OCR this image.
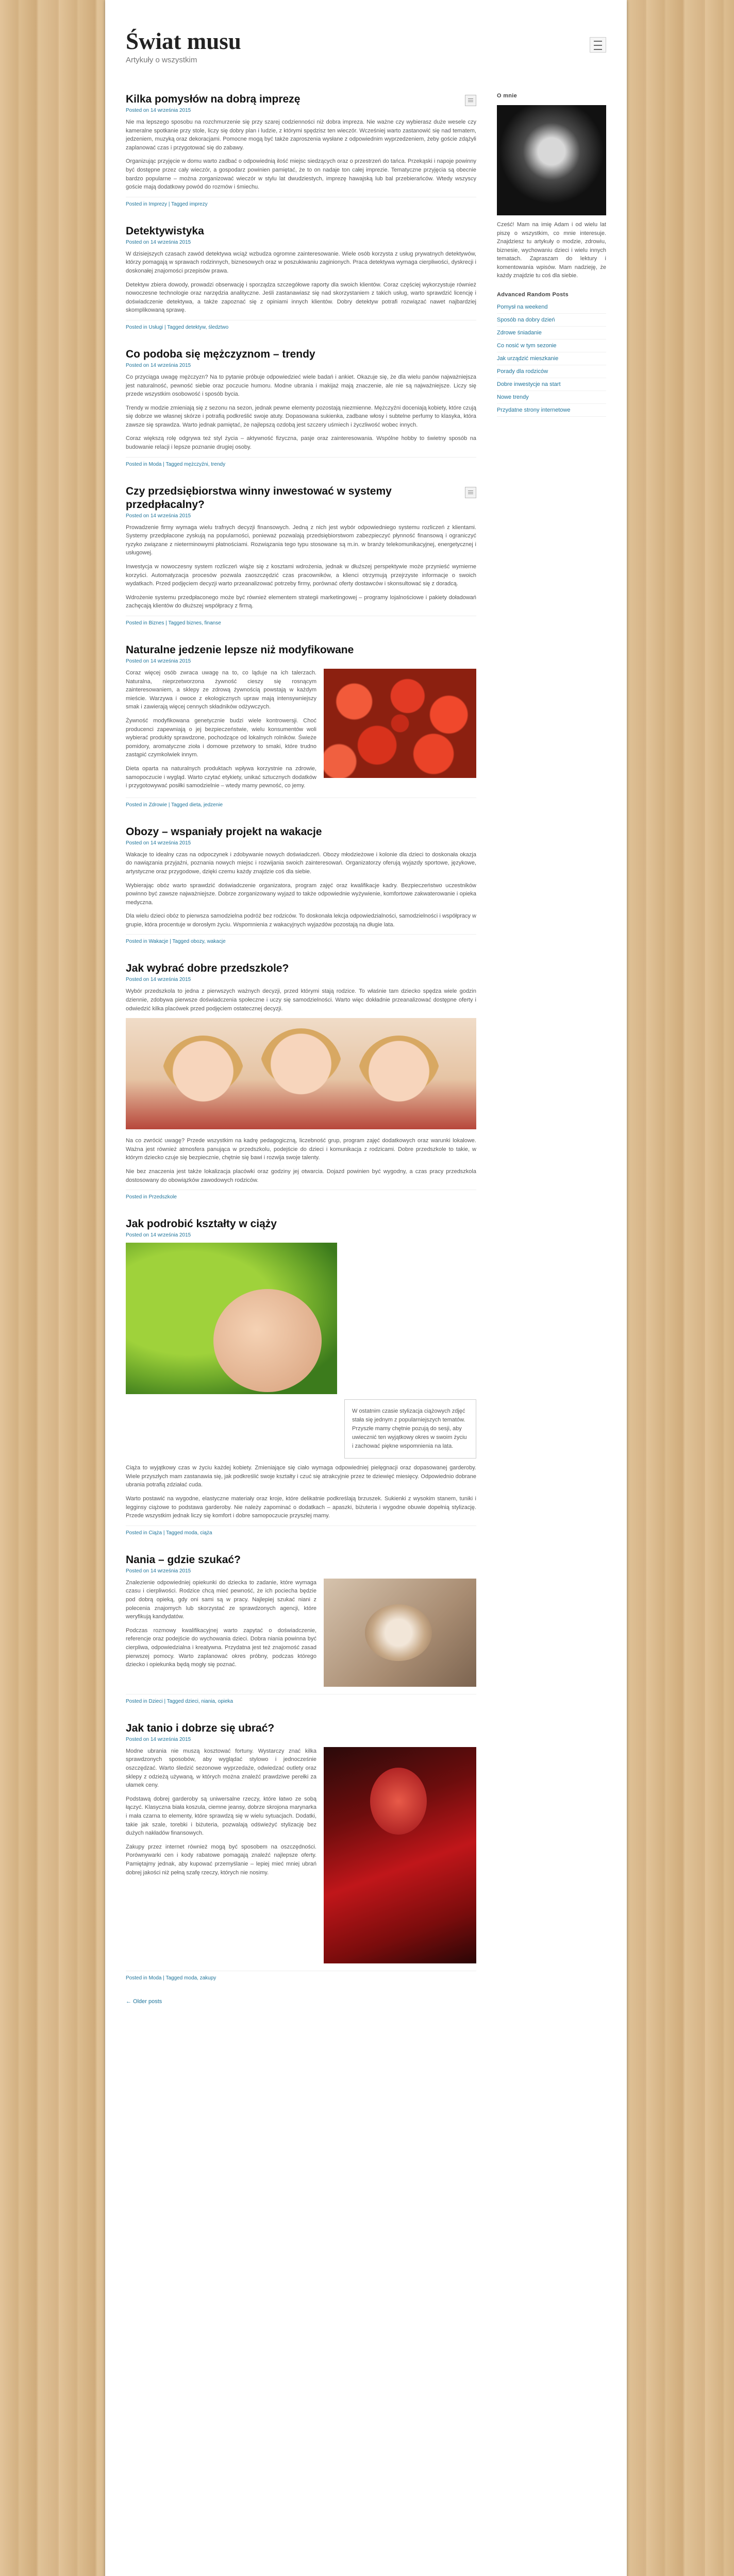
Świat musu
Artykuły o wszystkim
Kilka pomysłów na dobrą imprezę
Posted on 14 września 2015

Nie ma lepszego sposobu na rozchmurzenie się przy szarej codzienności niż dobra impreza. Nie ważne czy wybierasz duże wesele czy kameralne spotkanie przy stole, liczy się dobry plan i ludzie, z którymi spędzisz ten wieczór. Wcześniej warto zastanowić się nad tematem, jedzeniem, muzyką oraz dekoracjami. Pomocne mogą być także zaproszenia wysłane z odpowiednim wyprzedzeniem, żeby goście zdążyli zaplanować czas i przygotować się do zabawy.

Organizując przyjęcie w domu warto zadbać o odpowiednią ilość miejsc siedzących oraz o przestrzeń do tańca. Przekąski i napoje powinny być dostępne przez cały wieczór, a gospodarz powinien pamiętać, że to on nadaje ton całej imprezie. Tematyczne przyjęcia są obecnie bardzo popularne – można zorganizować wieczór w stylu lat dwudziestych, imprezę hawajską lub bal przebierańców. Wtedy wszyscy goście mają dodatkowy powód do rozmów i śmiechu.

Posted in Imprezy | Tagged imprezy
Detektywistyka
Posted on 14 września 2015

W dzisiejszych czasach zawód detektywa wciąż wzbudza ogromne zainteresowanie. Wiele osób korzysta z usług prywatnych detektywów, którzy pomagają w sprawach rodzinnych, biznesowych oraz w poszukiwaniu zaginionych. Praca detektywa wymaga cierpliwości, dyskrecji i doskonałej znajomości przepisów prawa.

Detektyw zbiera dowody, prowadzi obserwację i sporządza szczegółowe raporty dla swoich klientów. Coraz częściej wykorzystuje również nowoczesne technologie oraz narzędzia analityczne. Jeśli zastanawiasz się nad skorzystaniem z takich usług, warto sprawdzić licencję i doświadczenie detektywa, a także zapoznać się z opiniami innych klientów. Dobry detektyw potrafi rozwiązać nawet najbardziej skomplikowaną sprawę.

Posted in Usługi | Tagged detektyw, śledztwo
Co podoba się mężczyznom – trendy
Posted on 14 września 2015

Co przyciąga uwagę mężczyzn? Na to pytanie próbuje odpowiedzieć wiele badań i ankiet. Okazuje się, że dla wielu panów najważniejsza jest naturalność, pewność siebie oraz poczucie humoru. Modne ubrania i makijaż mają znaczenie, ale nie są najważniejsze. Liczy się przede wszystkim osobowość i sposób bycia.

Trendy w modzie zmieniają się z sezonu na sezon, jednak pewne elementy pozostają niezmienne. Mężczyźni doceniają kobiety, które czują się dobrze we własnej skórze i potrafią podkreślić swoje atuty. Dopasowana sukienka, zadbane włosy i subtelne perfumy to klasyka, która zawsze się sprawdza. Warto jednak pamiętać, że najlepszą ozdobą jest szczery uśmiech i życzliwość wobec innych.

Coraz większą rolę odgrywa też styl życia – aktywność fizyczna, pasje oraz zainteresowania. Wspólne hobby to świetny sposób na budowanie relacji i lepsze poznanie drugiej osoby.

Posted in Moda | Tagged mężczyźni, trendy
Czy przedsiębiorstwa winny inwestować w systemy przedpłacalny?
Posted on 14 września 2015

Prowadzenie firmy wymaga wielu trafnych decyzji finansowych. Jedną z nich jest wybór odpowiedniego systemu rozliczeń z klientami. Systemy przedpłacone zyskują na popularności, ponieważ pozwalają przedsiębiorstwom zabezpieczyć płynność finansową i ograniczyć ryzyko związane z nieterminowymi płatnościami. Rozwiązania tego typu stosowane są m.in. w branży telekomunikacyjnej, energetycznej i usługowej.

Inwestycja w nowoczesny system rozliczeń wiąże się z kosztami wdrożenia, jednak w dłuższej perspektywie może przynieść wymierne korzyści. Automatyzacja procesów pozwala zaoszczędzić czas pracowników, a klienci otrzymują przejrzyste informacje o swoich wydatkach. Przed podjęciem decyzji warto przeanalizować potrzeby firmy, porównać oferty dostawców i skonsultować się z doradcą.

Wdrożenie systemu przedpłaconego może być również elementem strategii marketingowej – programy lojalnościowe i pakiety doładowań zachęcają klientów do dłuższej współpracy z firmą.

Posted in Biznes | Tagged biznes, finanse
Naturalne jedzenie lepsze niż modyfikowane
Posted on 14 września 2015

Coraz więcej osób zwraca uwagę na to, co ląduje na ich talerzach. Naturalna, nieprzetworzona żywność cieszy się rosnącym zainteresowaniem, a sklepy ze zdrową żywnością powstają w każdym mieście. Warzywa i owoce z ekologicznych upraw mają intensywniejszy smak i zawierają więcej cennych składników odżywczych.

Żywność modyfikowana genetycznie budzi wiele kontrowersji. Choć producenci zapewniają o jej bezpieczeństwie, wielu konsumentów woli wybierać produkty sprawdzone, pochodzące od lokalnych rolników. Świeże pomidory, aromatyczne zioła i domowe przetwory to smaki, które trudno zastąpić czymkolwiek innym.

Dieta oparta na naturalnych produktach wpływa korzystnie na zdrowie, samopoczucie i wygląd. Warto czytać etykiety, unikać sztucznych dodatków i przygotowywać posiłki samodzielnie – wtedy mamy pewność, co jemy.

Posted in Zdrowie | Tagged dieta, jedzenie
Obozy – wspaniały projekt na wakacje
Posted on 14 września 2015

Wakacje to idealny czas na odpoczynek i zdobywanie nowych doświadczeń. Obozy młodzieżowe i kolonie dla dzieci to doskonała okazja do nawiązania przyjaźni, poznania nowych miejsc i rozwijania swoich zainteresowań. Organizatorzy oferują wyjazdy sportowe, językowe, artystyczne oraz przygodowe, dzięki czemu każdy znajdzie coś dla siebie.

Wybierając obóz warto sprawdzić doświadczenie organizatora, program zajęć oraz kwalifikacje kadry. Bezpieczeństwo uczestników powinno być zawsze najważniejsze. Dobrze zorganizowany wyjazd to także odpowiednie wyżywienie, komfortowe zakwaterowanie i opieka medyczna.

Dla wielu dzieci obóz to pierwsza samodzielna podróż bez rodziców. To doskonała lekcja odpowiedzialności, samodzielności i współpracy w grupie, która procentuje w dorosłym życiu. Wspomnienia z wakacyjnych wyjazdów pozostają na długie lata.

Posted in Wakacje | Tagged obozy, wakacje
Jak wybrać dobre przedszkole?
Posted on 14 września 2015

Wybór przedszkola to jedna z pierwszych ważnych decyzji, przed którymi stają rodzice. To właśnie tam dziecko spędza wiele godzin dziennie, zdobywa pierwsze doświadczenia społeczne i uczy się samodzielności. Warto więc dokładnie przeanalizować dostępne oferty i odwiedzić kilka placówek przed podjęciem ostatecznej decyzji.

Na co zwrócić uwagę? Przede wszystkim na kadrę pedagogiczną, liczebność grup, program zajęć dodatkowych oraz warunki lokalowe. Ważna jest również atmosfera panująca w przedszkolu, podejście do dzieci i komunikacja z rodzicami. Dobre przedszkole to takie, w którym dziecko czuje się bezpiecznie, chętnie się bawi i rozwija swoje talenty.

Nie bez znaczenia jest także lokalizacja placówki oraz godziny jej otwarcia. Dojazd powinien być wygodny, a czas pracy przedszkola dostosowany do obowiązków zawodowych rodziców.

Posted in Przedszkole
Jak podrobić kształty w ciąży
Posted on 14 września 2015
W ostatnim czasie stylizacja ciążowych zdjęć stała się jednym z popularniejszych tematów. Przyszłe mamy chętnie pozują do sesji, aby uwiecznić ten wyjątkowy okres w swoim życiu i zachować piękne wspomnienia na lata.

Ciąża to wyjątkowy czas w życiu każdej kobiety. Zmieniające się ciało wymaga odpowiedniej pielęgnacji oraz dopasowanej garderoby. Wiele przyszłych mam zastanawia się, jak podkreślić swoje kształty i czuć się atrakcyjnie przez te dziewięć miesięcy. Odpowiednio dobrane ubrania potrafią zdziałać cuda.

Warto postawić na wygodne, elastyczne materiały oraz kroje, które delikatnie podkreślają brzuszek. Sukienki z wysokim stanem, tuniki i legginsy ciążowe to podstawa garderoby. Nie należy zapominać o dodatkach – apaszki, biżuteria i wygodne obuwie dopełnią stylizację. Przede wszystkim jednak liczy się komfort i dobre samopoczucie przyszłej mamy.

Posted in Ciąża | Tagged moda, ciąża
Nania – gdzie szukać?
Posted on 14 września 2015

Znalezienie odpowiedniej opiekunki do dziecka to zadanie, które wymaga czasu i cierpliwości. Rodzice chcą mieć pewność, że ich pociecha będzie pod dobrą opieką, gdy oni sami są w pracy. Najlepiej szukać niani z polecenia znajomych lub skorzystać ze sprawdzonych agencji, które weryfikują kandydatów.

Podczas rozmowy kwalifikacyjnej warto zapytać o doświadczenie, referencje oraz podejście do wychowania dzieci. Dobra niania powinna być cierpliwa, odpowiedzialna i kreatywna. Przydatna jest też znajomość zasad pierwszej pomocy. Warto zaplanować okres próbny, podczas którego dziecko i opiekunka będą mogły się poznać.

Posted in Dzieci | Tagged dzieci, niania, opieka
Jak tanio i dobrze się ubrać?
Posted on 14 września 2015

Modne ubrania nie muszą kosztować fortuny. Wystarczy znać kilka sprawdzonych sposobów, aby wyglądać stylowo i jednocześnie oszczędzać. Warto śledzić sezonowe wyprzedaże, odwiedzać outlety oraz sklepy z odzieżą używaną, w których można znaleźć prawdziwe perełki za ułamek ceny.

Podstawą dobrej garderoby są uniwersalne rzeczy, które łatwo ze sobą łączyć. Klasyczna biała koszula, ciemne jeansy, dobrze skrojona marynarka i mała czarna to elementy, które sprawdzą się w wielu sytuacjach. Dodatki, takie jak szale, torebki i biżuteria, pozwalają odświeżyć stylizację bez dużych nakładów finansowych.

Zakupy przez internet również mogą być sposobem na oszczędności. Porównywarki cen i kody rabatowe pomagają znaleźć najlepsze oferty. Pamiętajmy jednak, aby kupować przemyślanie – lepiej mieć mniej ubrań dobrej jakości niż pełną szafę rzeczy, których nie nosimy.

Posted in Moda | Tagged moda, zakupy
← Older posts
O mnie

Cześć! Mam na imię Adam i od wielu lat piszę o wszystkim, co mnie interesuje. Znajdziesz tu artykuły o modzie, zdrowiu, biznesie, wychowaniu dzieci i wielu innych tematach. Zapraszam do lektury i komentowania wpisów. Mam nadzieję, że każdy znajdzie tu coś dla siebie.

Advanced Random Posts
Pomysł na weekend
Sposób na dobry dzień
Zdrowe śniadanie
Co nosić w tym sezonie
Jak urządzić mieszkanie
Porady dla rodziców
Dobre inwestycje na start
Nowe trendy
Przydatne strony internetowe
